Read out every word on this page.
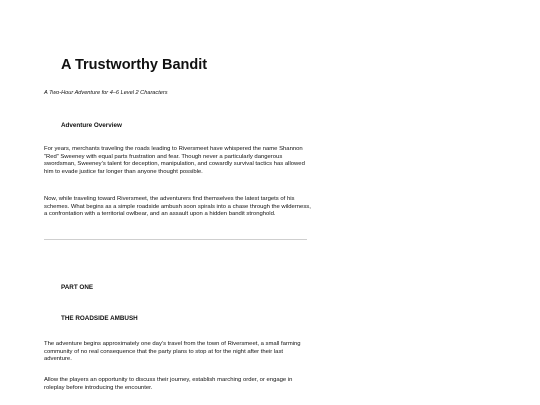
A Trustworthy Bandit

A Two-Hour Adventure for 4–6 Level 2 Characters

Adventure Overview

For years, merchants traveling the roads leading to Riversmeet have whispered the name Shannon “Red” Sweeney with equal parts frustration and fear. Though never a particularly dangerous swordsman, Sweeney’s talent for deception, manipulation, and cowardly survival tactics has allowed him to evade justice far longer than anyone thought possible.

Now, while traveling toward Riversmeet, the adventurers find themselves the latest targets of his schemes. What begins as a simple roadside ambush soon spirals into a chase through the wilderness, a confrontation with a territorial owlbear, and an assault upon a hidden bandit stronghold.

PART ONE
THE ROADSIDE AMBUSH

The adventure begins approximately one day’s travel from the town of Riversmeet, a small farming community of no real consequence that the party plans to stop at for the night after their last adventure.

Allow the players an opportunity to discuss their journey, establish marching order, or engage in roleplay before introducing the encounter.
